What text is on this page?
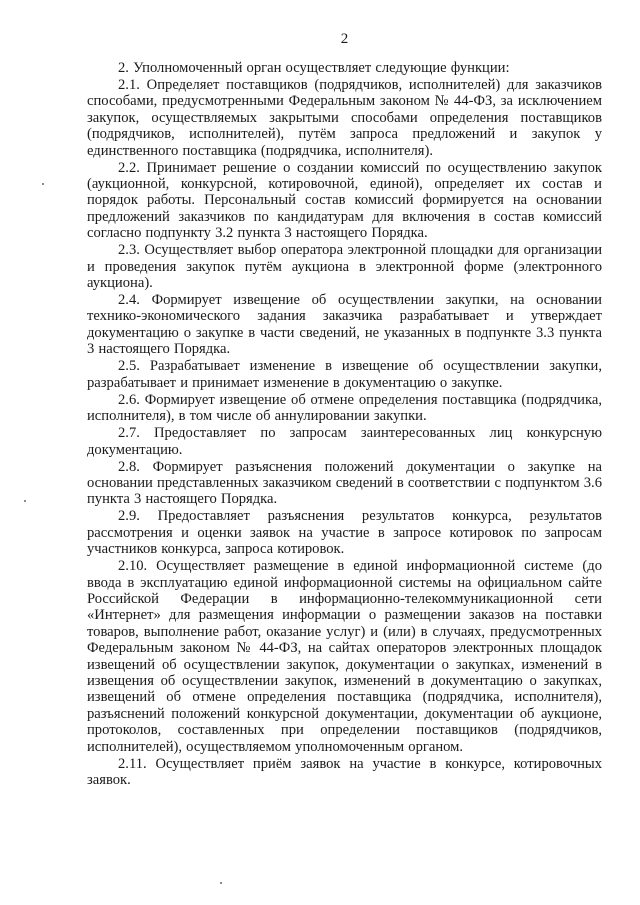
2

2. Уполномоченный орган осуществляет следующие функции:

2.1. Определяет поставщиков (подрядчиков, исполнителей) для заказчиков способами, предусмотренными Федеральным законом № 44-ФЗ, за исключением закупок, осуществляемых закрытыми способами определения поставщиков (подрядчиков, исполнителей), путём запроса предложений и закупок у единственного поставщика (подрядчика, исполнителя).

2.2. Принимает решение о создании комиссий по осуществлению закупок (аукционной, конкурсной, котировочной, единой), определяет их состав и порядок работы. Персональный состав комиссий формируется на основании предложений заказчиков по кандидатурам для включения в состав комиссий согласно подпункту 3.2 пункта 3 настоящего Порядка.

2.3. Осуществляет выбор оператора электронной площадки для организации и проведения закупок путём аукциона в электронной форме (электронного аукциона).

2.4. Формирует извещение об осуществлении закупки, на основании технико-экономического задания заказчика разрабатывает и утверждает документацию о закупке в части сведений, не указанных в подпункте 3.3 пункта 3 настоящего Порядка.

2.5. Разрабатывает изменение в извещение об осуществлении закупки, разрабатывает и принимает изменение в документацию о закупке.

2.6. Формирует извещение об отмене определения поставщика (подрядчика, исполнителя), в том числе об аннулировании закупки.

2.7. Предоставляет по запросам заинтересованных лиц конкурсную документацию.

2.8. Формирует разъяснения положений документации о закупке на основании представленных заказчиком сведений в соответствии с подпунктом 3.6 пункта 3 настоящего Порядка.

2.9. Предоставляет разъяснения результатов конкурса, результатов рассмотрения и оценки заявок на участие в запросе котировок по запросам участников конкурса, запроса котировок.

2.10. Осуществляет размещение в единой информационной системе (до ввода в эксплуатацию единой информационной системы на официальном сайте Российской Федерации в информационно-телекоммуникационной сети «Интернет» для размещения информации о размещении заказов на поставки товаров, выполнение работ, оказание услуг) и (или) в случаях, предусмотренных Федеральным законом № 44-ФЗ, на сайтах операторов электронных площадок извещений об осуществлении закупок, документации о закупках, изменений в извещения об осуществлении закупок, изменений в документацию о закупках, извещений об отмене определения поставщика (подрядчика, исполнителя), разъяснений положений конкурсной документации, документации об аукционе, протоколов, составленных при определении поставщиков (подрядчиков, исполнителей), осуществляемом уполномоченным органом.

2.11. Осуществляет приём заявок на участие в конкурсе, котировочных заявок.
